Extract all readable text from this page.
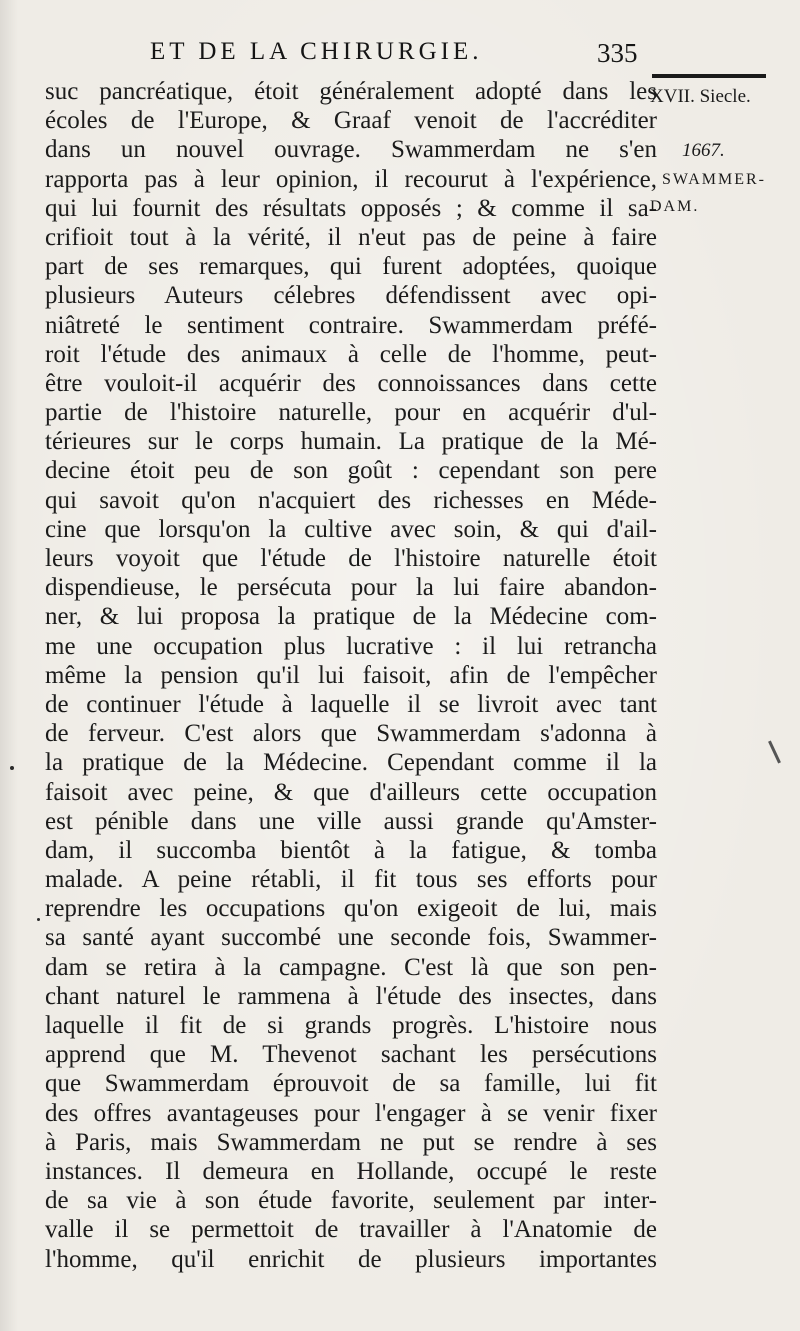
ET DE LA CHIRURGIE.	335
suc pancréatique, étoit généralement adopté dans les
écoles de l'Europe, & Graaf venoit de l'accréditer
dans un nouvel ouvrage. Swammerdam ne s'en
rapporta pas à leur opinion, il recourut à l'expérience,
qui lui fournit des résultats opposés ; & comme il sa-
crifioit tout à la vérité, il n'eut pas de peine à faire
part de ses remarques, qui furent adoptées, quoique
plusieurs Auteurs célebres défendissent avec opi-
niâtreté le sentiment contraire. Swammerdam préfé-
roit l'étude des animaux à celle de l'homme, peut-
être vouloit-il acquérir des connoissances dans cette
partie de l'histoire naturelle, pour en acquérir d'ul-
térieures sur le corps humain. La pratique de la Mé-
decine étoit peu de son goût : cependant son pere
qui savoit qu'on n'acquiert des richesses en Méde-
cine que lorsqu'on la cultive avec soin, & qui d'ail-
leurs voyoit que l'étude de l'histoire naturelle étoit
dispendieuse, le persécuta pour la lui faire abandon-
ner, & lui proposa la pratique de la Médecine com-
me une occupation plus lucrative : il lui retrancha
même la pension qu'il lui faisoit, afin de l'empêcher
de continuer l'étude à laquelle il se livroit avec tant
de ferveur. C'est alors que Swammerdam s'adonna à
la pratique de la Médecine. Cependant comme il la
faisoit avec peine, & que d'ailleurs cette occupation
est pénible dans une ville aussi grande qu'Amster-
dam, il succomba bientôt à la fatigue, & tomba
malade. A peine rétabli, il fit tous ses efforts pour
reprendre les occupations qu'on exigeoit de lui, mais
sa santé ayant succombé une seconde fois, Swammer-
dam se retira à la campagne. C'est là que son pen-
chant naturel le rammena à l'étude des insectes, dans
laquelle il fit de si grands progrès. L'histoire nous
apprend que M. Thevenot sachant les persécutions
que Swammerdam éprouvoit de sa famille, lui fit
des offres avantageuses pour l'engager à se venir fixer
à Paris, mais Swammerdam ne put se rendre à ses
instances. Il demeura en Hollande, occupé le reste
de sa vie à son étude favorite, seulement par inter-
valle il se permettoit de travailler à l'Anatomie de
l'homme, qu'il enrichit de plusieurs importantes
XVII. Siecle.
1667.
SWAMMER-
DAM.
